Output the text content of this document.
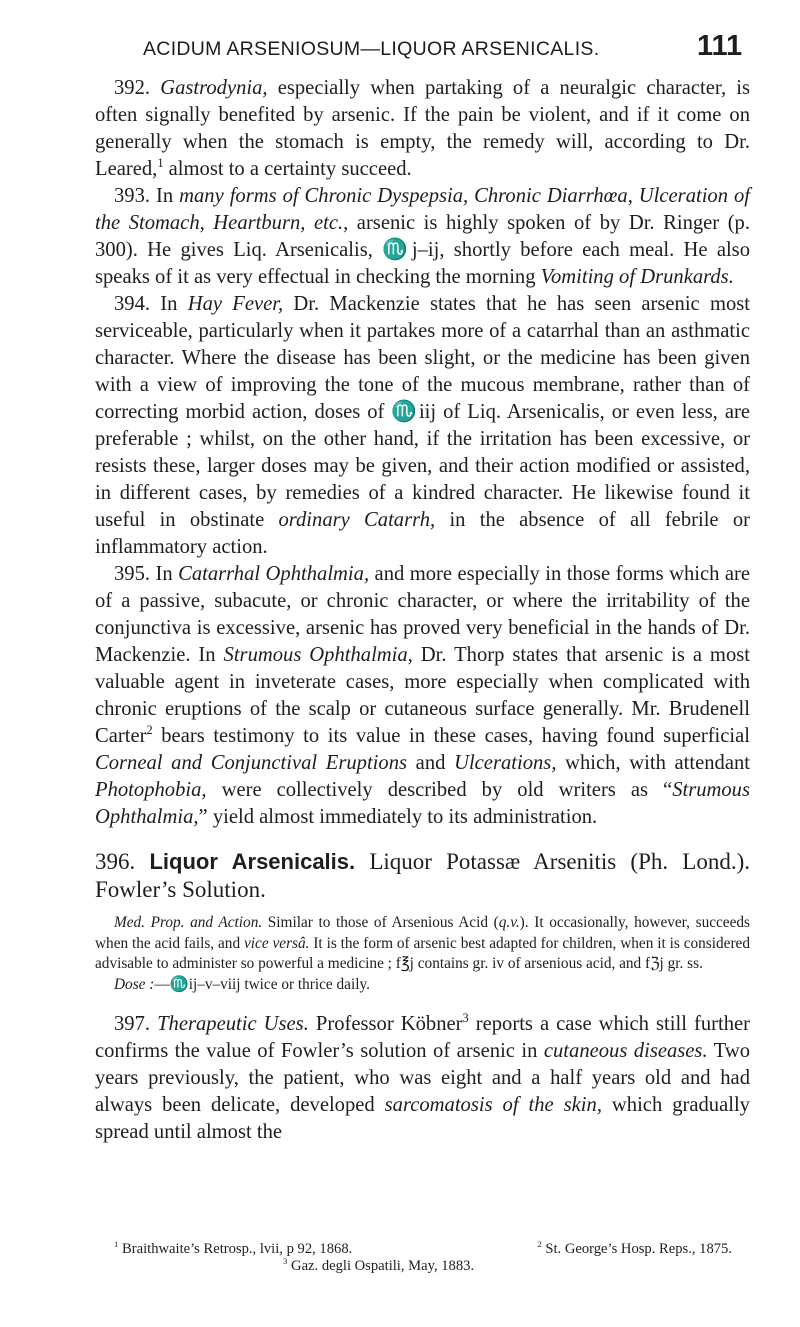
ACIDUM ARSENIOSUM—LIQUOR ARSENICALIS.	111

392. Gastrodynia, especially when partaking of a neuralgic character, is often signally benefited by arsenic. If the pain be violent, and if it come on generally when the stomach is empty, the remedy will, according to Dr. Leared,$^1$ almost to a certainty succeed.

393. In many forms of Chronic Dyspepsia, Chronic Diarrhœa, Ulceration of the Stomach, Heartburn, etc., arsenic is highly spoken of by Dr. Ringer (p. 300). He gives Liq. Arsenicalis, ♏j–ij, shortly before each meal. He also speaks of it as very effectual in checking the morning Vomiting of Drunkards.

394. In Hay Fever, Dr. Mackenzie states that he has seen arsenic most serviceable, particularly when it partakes more of a catarrhal than an asthmatic character. Where the disease has been slight, or the medicine has been given with a view of improving the tone of the mucous membrane, rather than of correcting morbid action, doses of ♏iij of Liq. Arsenicalis, or even less, are preferable ; whilst, on the other hand, if the irritation has been excessive, or resists these, larger doses may be given, and their action modified or assisted, in different cases, by remedies of a kindred character. He likewise found it useful in obstinate ordinary Catarrh, in the absence of all febrile or inflammatory action.

395. In Catarrhal Ophthalmia, and more especially in those forms which are of a passive, subacute, or chronic character, or where the irritability of the conjunctiva is excessive, arsenic has proved very beneficial in the hands of Dr. Mackenzie. In Strumous Ophthalmia, Dr. Thorp states that arsenic is a most valuable agent in inveterate cases, more especially when complicated with chronic eruptions of the scalp or cutaneous surface generally. Mr. Brudenell Carter$^2$ bears testimony to its value in these cases, having found superficial Corneal and Conjunctival Eruptions and Ulcerations, which, with attendant Photophobia, were collectively described by old writers as “Strumous Ophthalmia,” yield almost immediately to its administration.

396. Liquor Arsenicalis. Liquor Potassæ Arsenitis (Ph. Lond.). Fowler’s Solution.

Med. Prop. and Action. Similar to those of Arsenious Acid (q.v.). It occasionally, however, succeeds when the acid fails, and vice versâ. It is the form of arsenic best adapted for children, when it is considered advisable to administer so powerful a medicine ; f℥j contains gr. iv of arsenious acid, and fℨj gr. ss.

Dose :—♏ij–v–viij twice or thrice daily.

397. Therapeutic Uses. Professor Köbner$^3$ reports a case which still further confirms the value of Fowler’s solution of arsenic in cutaneous diseases. Two years previously, the patient, who was eight and a half years old and had always been delicate, developed sarcomatosis of the skin, which gradually spread until almost the

$^1$ Braithwaite’s Retrosp., lvii, p 92, 1868.	$^2$ St. George’s Hosp. Reps., 1875.
$^3$ Gaz. degli Ospatili, May, 1883.
